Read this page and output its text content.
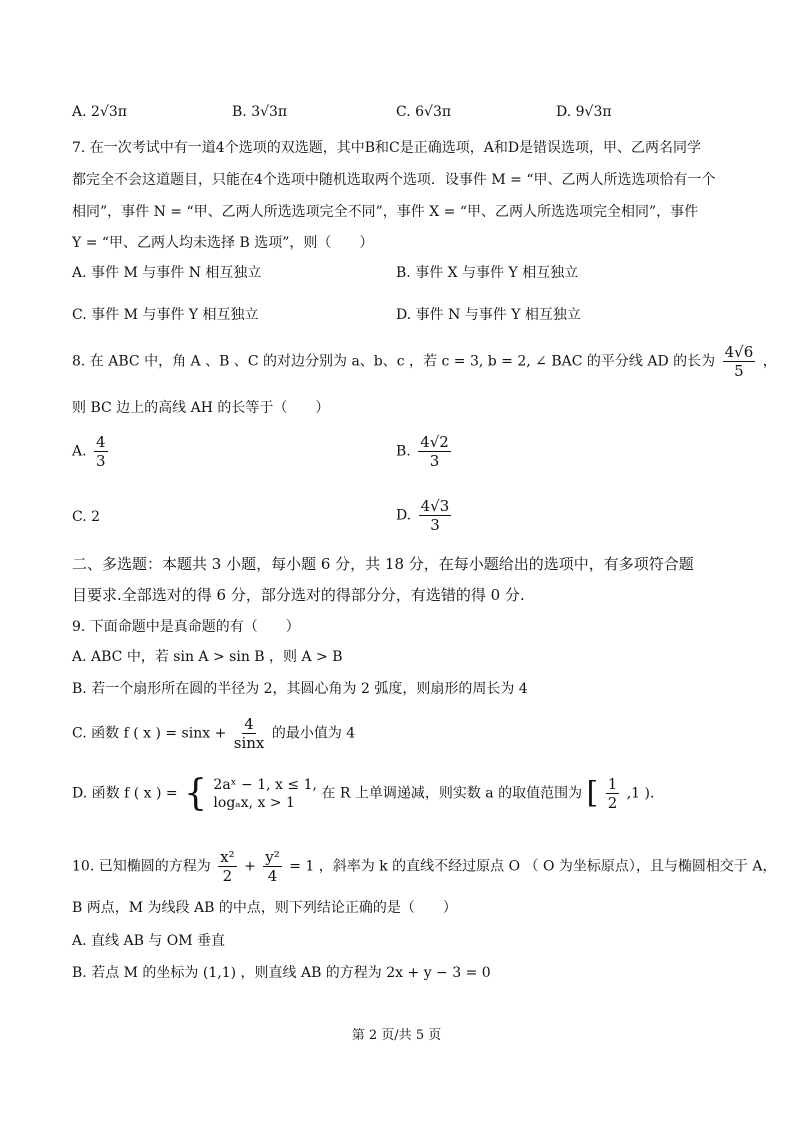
A. 2√3π	B. 3√3π	C. 6√3π	D. 9√3π
7. 在一次考试中有一道4个选项的双选题，其中B和C是正确选项，A和D是错误选项，甲、乙两名同学
都完全不会这道题目，只能在4个选项中随机选取两个选项．设事件 M = “甲、乙两人所选选项恰有一个
相同”，事件 N = “甲、乙两人所选选项完全不同”，事件 X = “甲、乙两人所选选项完全相同”，事件
Y = “甲、乙两人均未选择 B 选项”，则（　　）
A. 事件 M 与事件 N 相互独立	B. 事件 X 与事件 Y 相互独立
C. 事件 M 与事件 Y 相互独立	D. 事件 N 与事件 Y 相互独立
8. 在 ABC 中，角 A 、B 、C 的对边分别为 a、b、c ，若 c = 3, b = 2, ∠ BAC 的平分线 AD 的长为 $\frac{4√6}{5}$ ，
则 BC 边上的高线 AH 的长等于（　　）
A. $\frac{4}{3}$	B. $\frac{4√2}{3}$
C. 2	D. $\frac{4√3}{3}$
二、多选题：本题共 3 小题，每小题 6 分，共 18 分，在每小题给出的选项中，有多项符合题
目要求.全部选对的得 6 分，部分选对的得部分分，有选错的得 0 分.
9. 下面命题中是真命题的有（　　）
A. ABC 中，若 sin A > sin B ，则 A > B
B. 若一个扇形所在圆的半径为 2，其圆心角为 2 弧度，则扇形的周长为 4
C. 函数 f ( x ) = $\sin x + \frac{4}{\sin x}$ 的最小值为 4
D. 函数 f ( x ) = { 2aˣ − 1, x ≤ 1,
logₐx, x > 1
在 R 上单调递减，则实数 a 的取值范围为 [ $\frac{1}{2} ,1$ ).
10. 已知椭圆的方程为 $\frac{\text{x²}}{2} + \frac{\text{y²}}{4} = 1$ ，斜率为 k 的直线不经过原点 O （ O 为坐标原点），且与椭圆相交于 A，
B 两点，M 为线段 AB 的中点，则下列结论正确的是（　　）
A. 直线 AB 与 OM 垂直
B. 若点 M 的坐标为 (1,1) ，则直线 AB 的方程为 2x + y − 3 = 0
第 2 页/共 5 页
